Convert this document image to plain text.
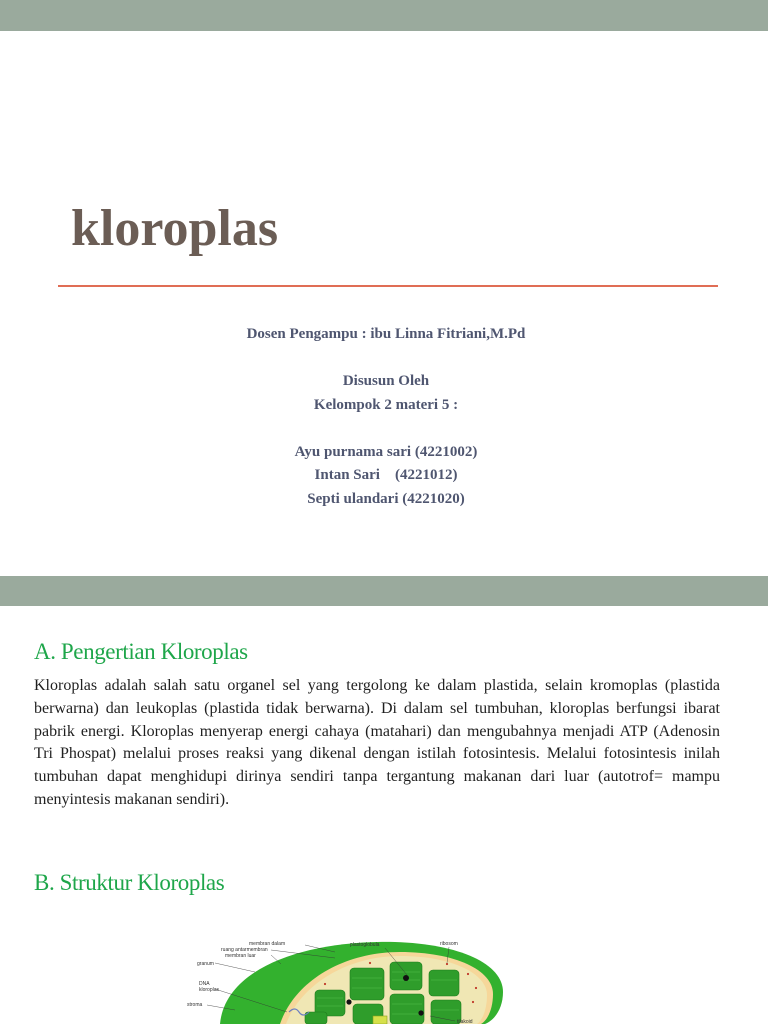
kloroplas
Dosen Pengampu : ibu Linna Fitriani,M.Pd
Disusun Oleh
Kelompok 2 materi 5 :
Ayu purnama sari (4221002)
Intan Sari    (4221012)
Septi ulandari (4221020)
A. Pengertian Kloroplas

Kloroplas adalah salah satu organel sel yang tergolong ke dalam plastida, selain kromoplas (plastida berwarna) dan leukoplas (plastida tidak berwarna). Di dalam sel tumbuhan, kloroplas berfungsi ibarat pabrik energi. Kloroplas menyerap energi cahaya (matahari) dan mengubahnya menjadi ATP (Adenosin Tri Phospat) melalui proses reaksi yang dikenal dengan istilah fotosintesis. Melalui fotosintesis inilah tumbuhan dapat menghidupi dirinya sendiri tanpa tergantung makanan dari luar (autotrof= mampu menyintesis makanan sendiri).

B. Struktur Kloroplas
membran dalam
ruang antarmembran
membran luar
granum
DNA
kloroplas
stroma
plastoglobula	ribosom
tilakoid
